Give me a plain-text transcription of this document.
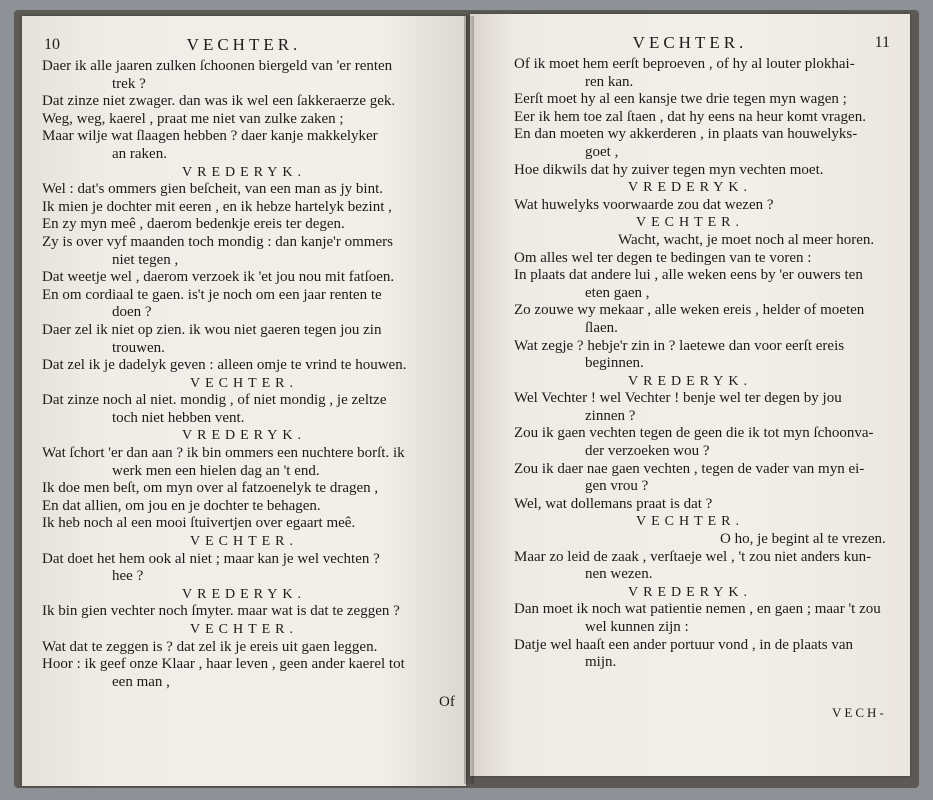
10	VECHTER.
Daer ik alle jaaren zulken ſchoonen biergeld van 'er renten
trek ?
Dat zinze niet zwager. dan was ik wel een ſakkeraerze gek.
Weg, weg, kaerel , praat me niet van zulke zaken ;
Maar wilje wat ſlaagen hebben ? daer kanje makkelyker
an raken.
VREDERYK.
Wel : dat's ommers gien beſcheit, van een man as jy bint.
Ik mien je dochter mit eeren , en ik hebze hartelyk bezint ,
En zy myn meê , daerom bedenkje ereis ter degen.
Zy is over vyf maanden toch mondig : dan kanje'r ommers
niet tegen ,
Dat weetje wel , daerom verzoek ik 'et jou nou mit fatſoen.
En om cordiaal te gaen. is't je noch om een jaar renten te
doen ?
Daer zel ik niet op zien. ik wou niet gaeren tegen jou zin
trouwen.
Dat zel ik je dadelyk geven : alleen omje te vrind te houwen.
VECHTER.
Dat zinze noch al niet. mondig , of niet mondig , je zeltze
toch niet hebben vent.
VREDERYK.
Wat ſchort 'er dan aan ? ik bin ommers een nuchtere borſt. ik
werk men een hielen dag an 't end.
Ik doe men beſt, om myn over al fatzoenelyk te dragen ,
En dat allien, om jou en je dochter te behagen.
Ik heb noch al een mooi ſtuivertjen over egaart meê.
VECHTER.
Dat doet het hem ook al niet ; maar kan je wel vechten ?
hee ?
VREDERYK.
Ik bin gien vechter noch ſmyter. maar wat is dat te zeggen ?
VECHTER.
Wat dat te zeggen is ? dat zel ik je ereis uit gaen leggen.
Hoor : ik geef onze Klaar , haar leven , geen ander kaerel tot
een man ,
Of
VECHTER.	11
Of ik moet hem eerſt beproeven , of hy al louter plokhai-
ren kan.
Eerſt moet hy al een kansje twe drie tegen myn wagen ;
Eer ik hem toe zal ſtaen , dat hy eens na heur komt vragen.
En dan moeten wy akkerderen , in plaats van houwelyks-
goet ,
Hoe dikwils dat hy zuiver tegen myn vechten moet.
VREDERYK.
Wat huwelyks voorwaarde zou dat wezen ?
VECHTER.
Wacht, wacht, je moet noch al meer horen.
Om alles wel ter degen te bedingen van te voren :
In plaats dat andere lui , alle weken eens by 'er ouwers ten
eten gaen ,
Zo zouwe wy mekaar , alle weken ereis , helder of moeten
ſlaen.
Wat zegje ? hebje'r zin in ? laetewe dan voor eerſt ereis
beginnen.
VREDERYK.
Wel Vechter ! wel Vechter ! benje wel ter degen by jou
zinnen ?
Zou ik gaen vechten tegen de geen die ik tot myn ſchoonva-
der verzoeken wou ?
Zou ik daer nae gaen vechten , tegen de vader van myn ei-
gen vrou ?
Wel, wat dollemans praat is dat ?
VECHTER.
O ho, je begint al te vrezen.
Maar zo leid de zaak , verſtaeje wel , 't zou niet anders kun-
nen wezen.
VREDERYK.
Dan moet ik noch wat patientie nemen , en gaen ; maar 't zou
wel kunnen zijn :
Datje wel haaſt een ander portuur vond , in de plaats van
mijn.
VECH-
